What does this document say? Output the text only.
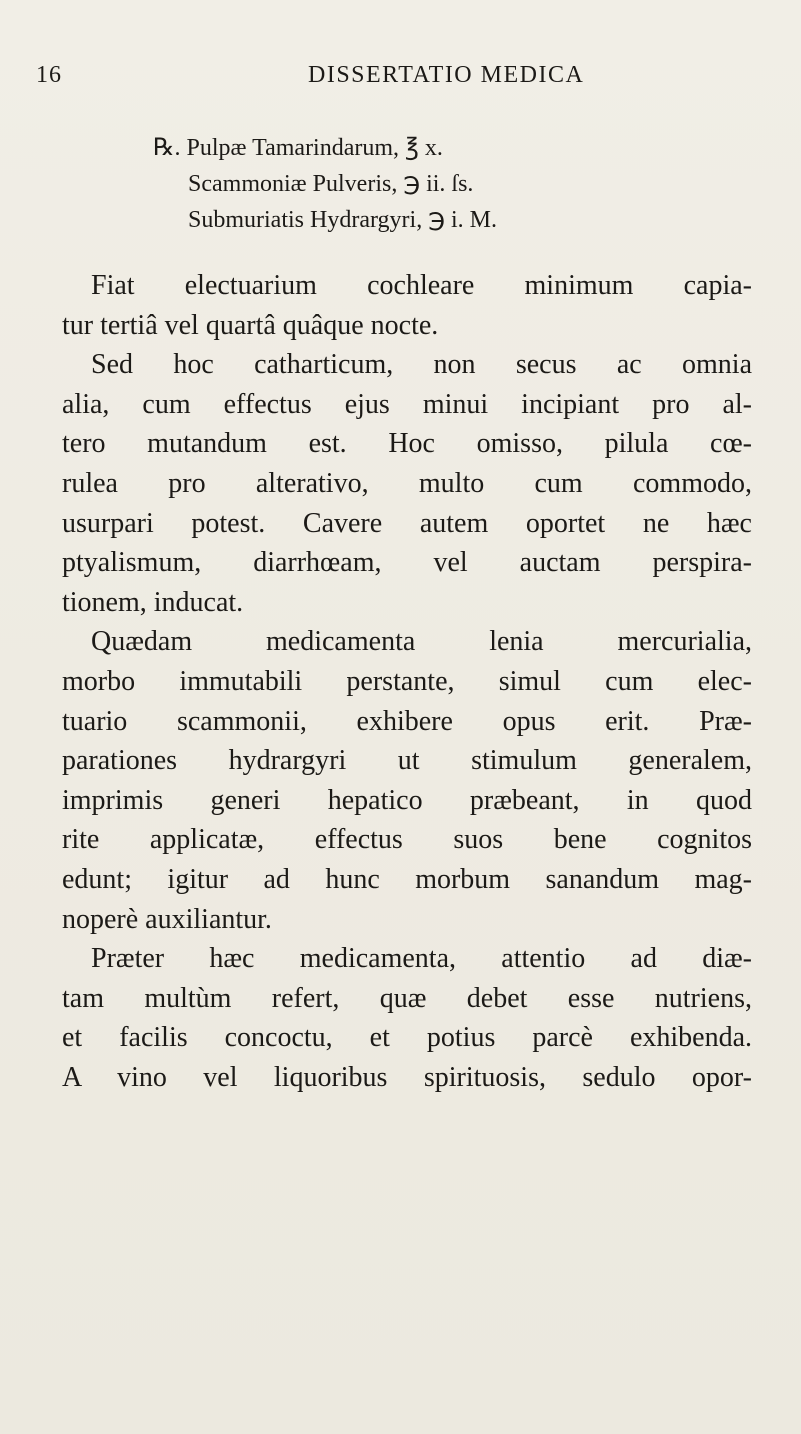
16	DISSERTATIO MEDICA
℞. Pulpæ Tamarindarum, ℥ x.
Scammoniæ Pulveris, ℈ ii. ſs.
Submuriatis Hydrargyri, ℈ i. M.
Fiat electuarium cochleare minimum capia-
tur tertiâ vel quartâ quâque nocte.
Sed hoc catharticum, non secus ac omnia
alia, cum effectus ejus minui incipiant pro al-
tero mutandum est. Hoc omisso, pilula cœ-
rulea pro alterativo, multo cum commodo,
usurpari potest. Cavere autem oportet ne hæc
ptyalismum, diarrhœam, vel auctam perspira-
tionem, inducat.
Quædam medicamenta lenia mercurialia,
morbo immutabili perstante, simul cum elec-
tuario scammonii, exhibere opus erit. Præ-
parationes hydrargyri ut stimulum generalem,
imprimis generi hepatico præbeant, in quod
rite applicatæ, effectus suos bene cognitos
edunt; igitur ad hunc morbum sanandum mag-
noperè auxiliantur.
Præter hæc medicamenta, attentio ad diæ-
tam multùm refert, quæ debet esse nutriens,
et facilis concoctu, et potius parcè exhibenda.
A vino vel liquoribus spirituosis, sedulo opor-
